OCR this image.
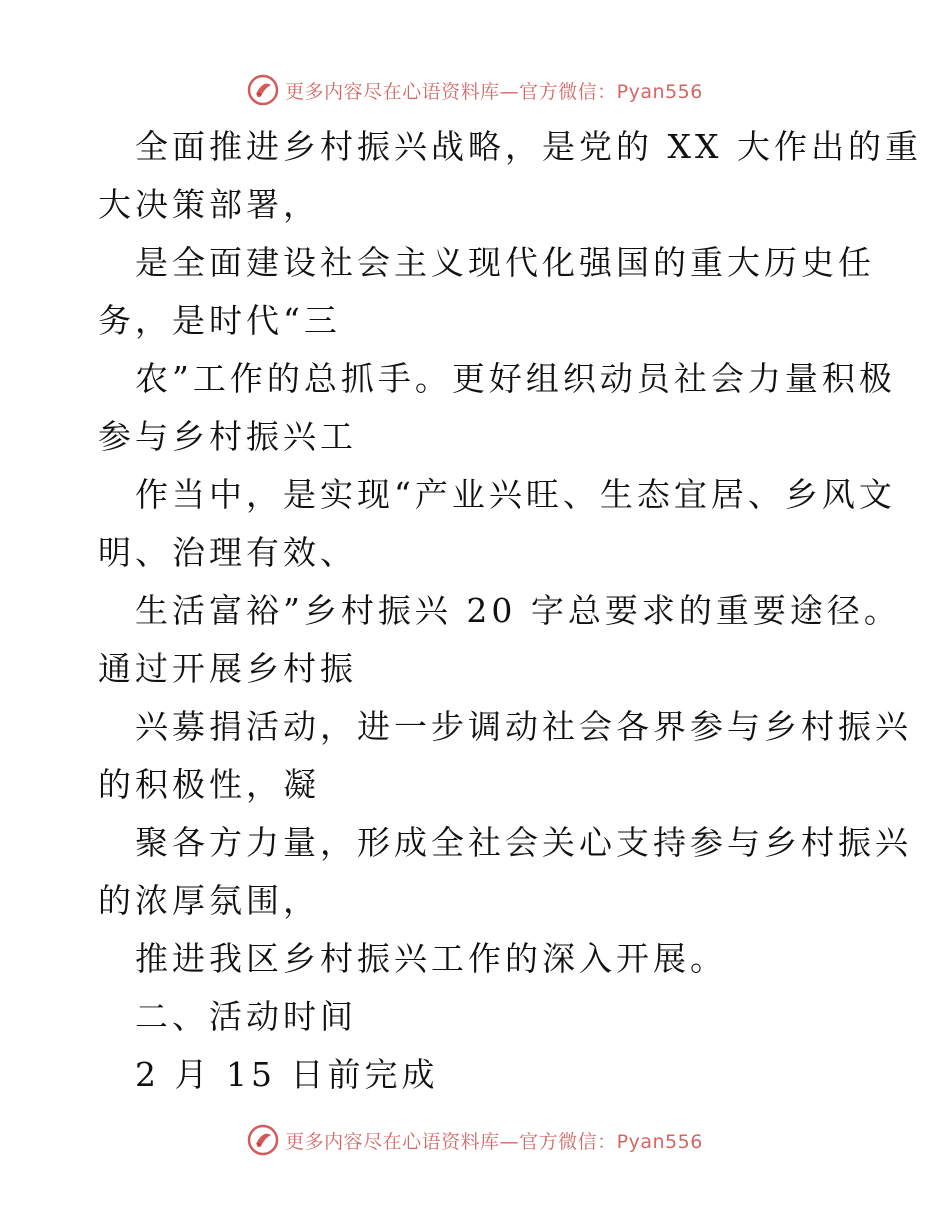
更多内容尽在心语资料库—官方微信：Pyan556
全面推进乡村振兴战略，是党的 XX 大作出的重
大决策部署，
是全面建设社会主义现代化强国的重大历史任
务，是时代“三
农”工作的总抓手。更好组织动员社会力量积极
参与乡村振兴工
作当中，是实现“产业兴旺、生态宜居、乡风文
明、治理有效、
生活富裕”乡村振兴 20 字总要求的重要途径。
通过开展乡村振
兴募捐活动，进一步调动社会各界参与乡村振兴
的积极性，凝
聚各方力量，形成全社会关心支持参与乡村振兴
的浓厚氛围，
推进我区乡村振兴工作的深入开展。
二、活动时间
2 月 15 日前完成
更多内容尽在心语资料库—官方微信：Pyan556
